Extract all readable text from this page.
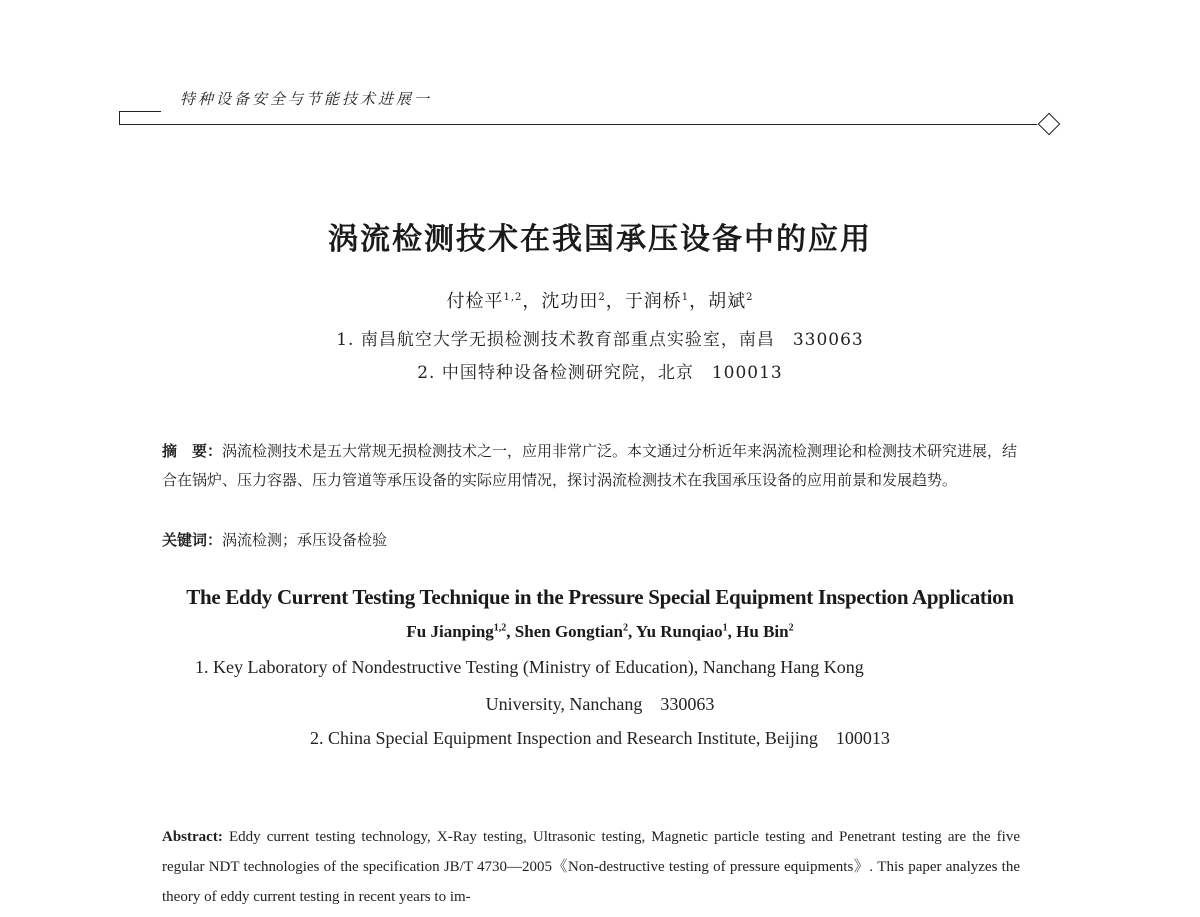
特种设备安全与节能技术进展一
涡流检测技术在我国承压设备中的应用
付检平$^{1,2}$，沈功田$^2$，于润桥$^1$，胡斌$^2$
1. 南昌航空大学无损检测技术教育部重点实验室，南昌　330063
2. 中国特种设备检测研究院，北京　100013
摘　要：涡流检测技术是五大常规无损检测技术之一，应用非常广泛。本文通过分析近年来涡流检测理论和检测技术研究进展，结合在锅炉、压力容器、压力管道等承压设备的实际应用情况，探讨涡流检测技术在我国承压设备的应用前景和发展趋势。
关键词：涡流检测；承压设备检验
The Eddy Current Testing Technique in the Pressure Special Equipment Inspection Application
Fu Jianping$^{1,2}$, Shen Gongtian$^2$, Yu Runqiao$^1$, Hu Bin$^2$
1. Key Laboratory of Nondestructive Testing (Ministry of Education), Nanchang Hang Kong
University, Nanchang　330063
2. China Special Equipment Inspection and Research Institute, Beijing　100013
Abstract: Eddy current testing technology, X-Ray testing, Ultrasonic testing, Magnetic particle testing and Penetrant testing are the five regular NDT technologies of the specification JB/T 4730—2005《Non-destructive testing of pressure equipments》. This paper analyzes the theory of eddy current testing in recent years to im-
